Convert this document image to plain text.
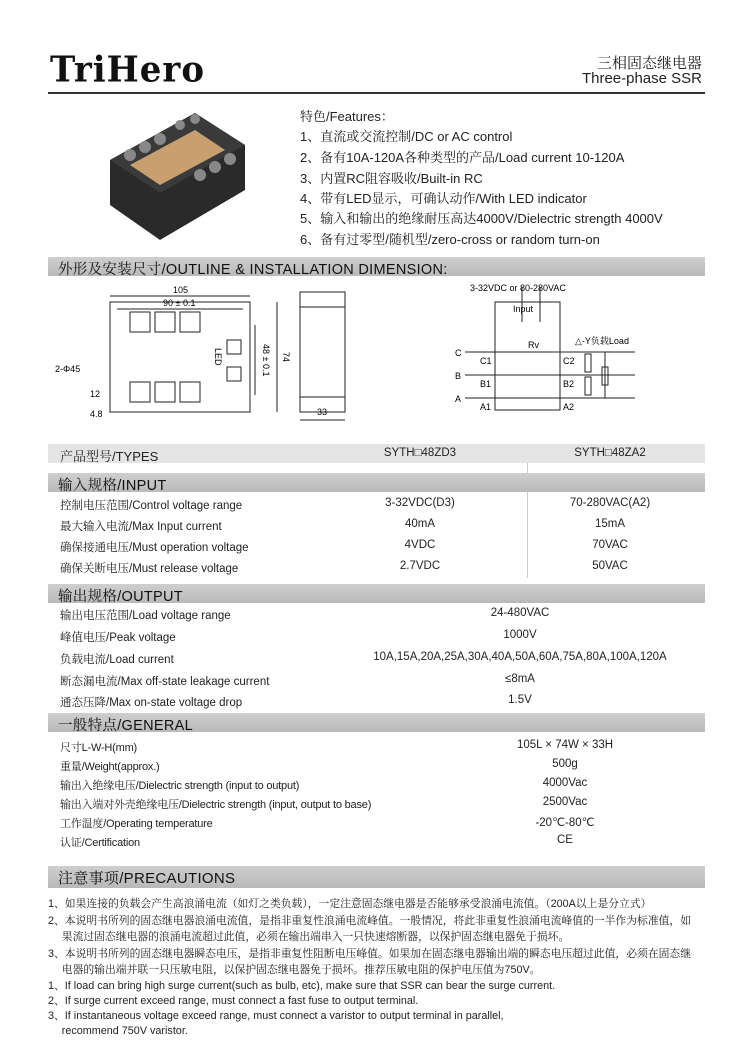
TriHero	三相固态继电器
Three-phase SSR
特色/Features：
1、直流或交流控制/DC or AC control
2、备有10A-120A各种类型的产品/Load current 10-120A
3、内置RC阻容吸收/Built-in RC
4、带有LED显示，可确认动作/With LED indicator
5、输入和输出的绝缘耐压高达4000V/Dielectric strength 4000V
6、备有过零型/随机型/zero-cross or random turn-on
外形及安装尺寸/OUTLINE & INSTALLATION DIMENSION:
105
90 ± 0.1
48 ± 0.1 74
LED
2-Φ45
12
4.8	33
3-32VDC or 80-280VAC
Input
△-Y负载Load
C
B
A
C1
B1
A1
C2
B2
A2
Rv
产品型号/TYPES	SYTH□48ZD3	SYTH□48ZA2
输入规格/INPUT
输出规格/OUTPUT
一般特点/GENERAL
注意事项/PRECAUTIONS
控制电压范围/Control voltage range	3-32VDC(D3)	70-280VAC(A2)
最大输入电流/Max Input current	40mA	15mA
确保接通电压/Must operation voltage	4VDC	70VAC
确保关断电压/Must release voltage	2.7VDC	50VAC
输出电压范围/Load voltage range	24-480VAC
峰值电压/Peak voltage	1000V
负载电流/Load current	10A,15A,20A,25A,30A,40A,50A,60A,75A,80A,100A,120A
断态漏电流/Max off-state leakage current	≤8mA
通态压降/Max on-state voltage drop	1.5V
尺寸L-W-H(mm)	105L × 74W × 33H
重量/Weight(approx.)	500g
输出入绝缘电压/Dielectric strength (input to output)	4000Vac
输出入端对外壳绝缘电压/Dielectric strength (input, output to base)	2500Vac
工作温度/Operating temperature	-20℃-80℃
认证/Certification	CE
1、如果连接的负载会产生高浪涌电流（如灯之类负载），一定注意固态继电器是否能够承受浪涌电流值。（200A以上是分立式）
2、本说明书所列的固态继电器浪涌电流值，是指非重复性浪涌电流峰值。一般情况，将此非重复性浪涌电流峰值的一半作为标准值，如
　 果流过固态继电器的浪涌电流超过此值，必须在输出端串入一只快速熔断器，以保护固态继电器免于损坏。
3、本说明书所列的固态继电器瞬态电压，是指非重复性阻断电压峰值。如果加在固态继电器输出端的瞬态电压超过此值，必须在固态继
　 电器的输出端并联一只压敏电阻，以保护固态继电器免于损坏。推荐压敏电阻的保护电压值为750V。
1、If load can bring high surge current(such as bulb, etc), make sure that SSR can bear the surge current.
2、If surge current exceed range, must connect a fast fuse to output terminal.
3、If instantaneous voltage exceed range, must connect a varistor to output terminal in parallel,
　 recommend 750V varistor.
